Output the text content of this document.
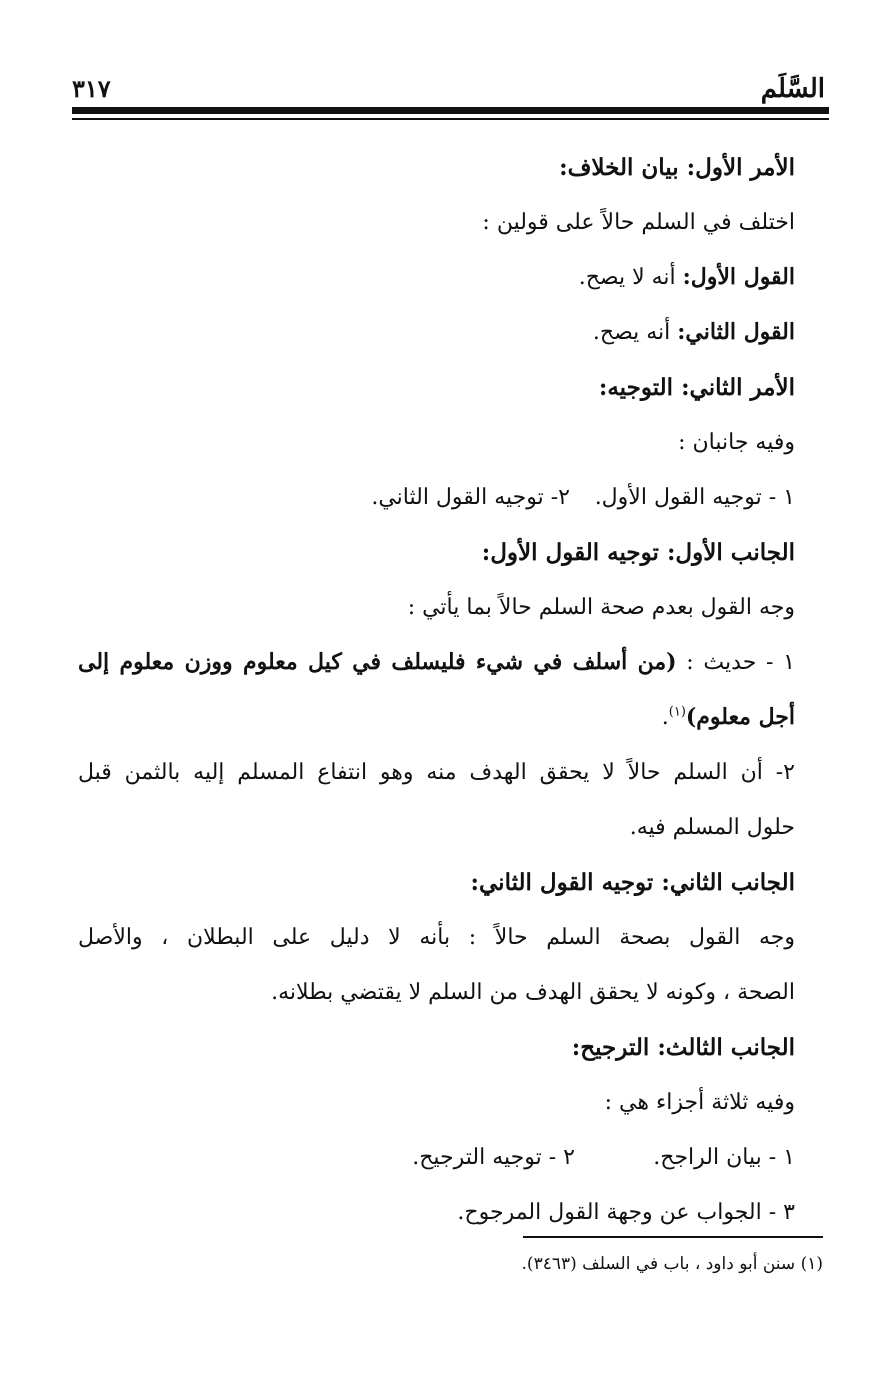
السَّلَم
٣١٧
الأمر الأول: بيان الخلاف:
اختلف في السلم حالاً على قولين :
القول الأول: أنه لا يصح.
القول الثاني: أنه يصح.
الأمر الثاني: التوجيه:
وفيه جانبان :
١ - توجيه القول الأول.
٢- توجيه القول الثاني.
الجانب الأول: توجيه القول الأول:
وجه القول بعدم صحة السلم حالاً بما يأتي :
١ - حديث : (من أسلف في شيء فليسلف في كيل معلوم ووزن معلوم إلى
أجل معلوم)$^{(١)}$.
٢- أن السلم حالاً لا يحقق الهدف منه وهو انتفاع المسلم إليه بالثمن قبل
حلول المسلم فيه.
الجانب الثاني: توجيه القول الثاني:
وجه القول بصحة السلم حالاً : بأنه لا دليل على البطلان ، والأصل
الصحة ، وكونه لا يحقق الهدف من السلم لا يقتضي بطلانه.
الجانب الثالث: الترجيح:
وفيه ثلاثة أجزاء هي :
١ - بيان الراجح.
٢ - توجيه الترجيح.
٣ - الجواب عن وجهة القول المرجوح.
(١) سنن أبو داود ، باب في السلف (٣٤٦٣).
